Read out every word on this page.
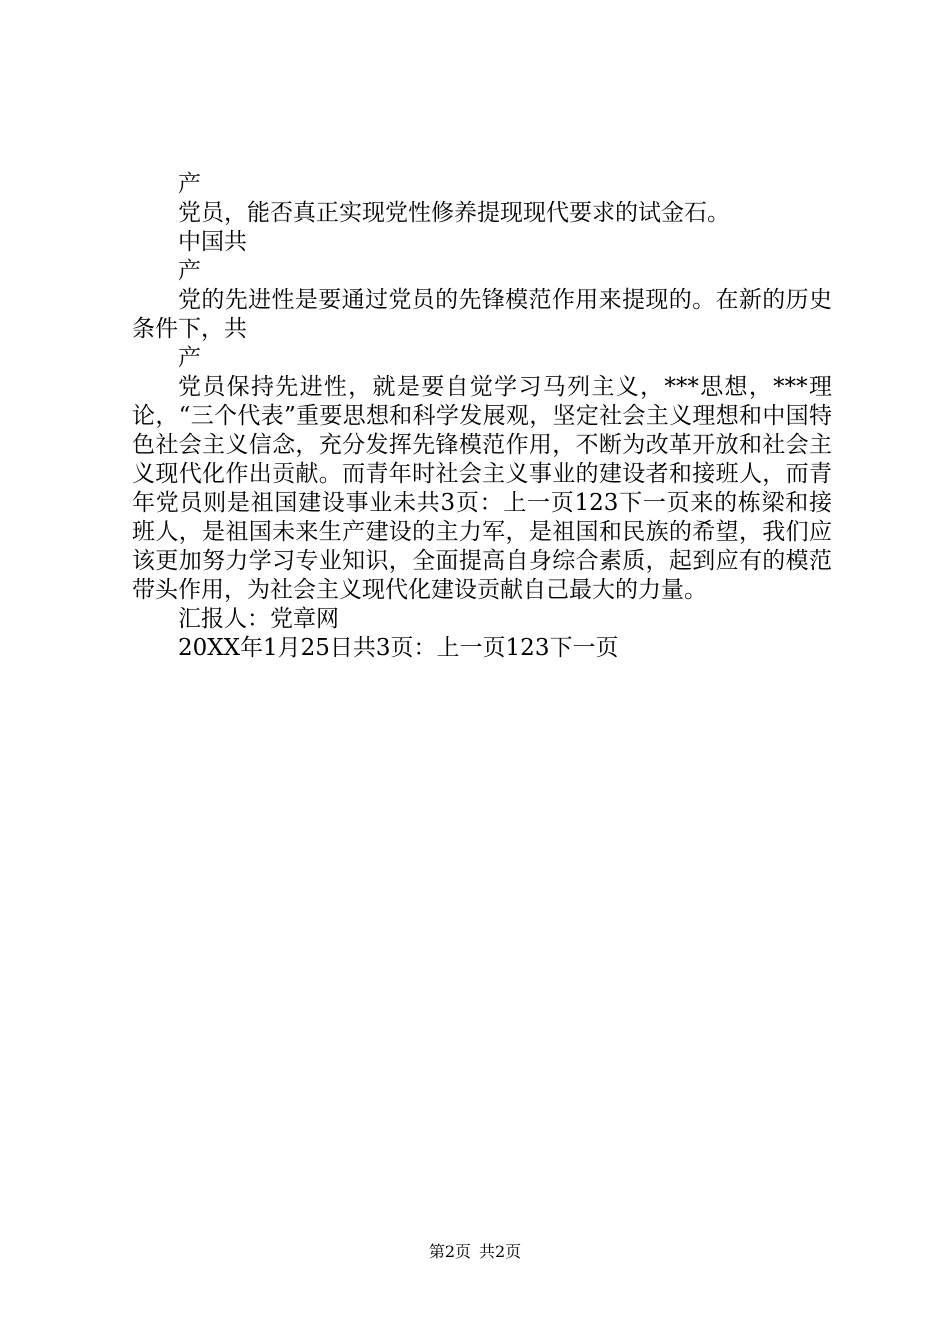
产

党员，能否真正实现党性修养提现现代要求的试金石。

中国共

产

党的先进性是要通过党员的先锋模范作用来提现的。在新的历史条件下，共

产

党员保持先进性，就是要自觉学习马列主义，***思想，***理论，“三个代表”重要思想和科学发展观，坚定社会主义理想和中国特色社会主义信念，充分发挥先锋模范作用，不断为改革开放和社会主义现代化作出贡献。而青年时社会主义事业的建设者和接班人，而青年党员则是祖国建设事业未共3页：上一页123下一页来的栋梁和接班人，是祖国未来生产建设的主力军，是祖国和民族的希望，我们应该更加努力学习专业知识，全面提高自身综合素质，起到应有的模范带头作用，为社会主义现代化建设贡献自己最大的力量。

汇报人：党章网

20XX年1月25日共3页：上一页123下一页

第2页 共2页
